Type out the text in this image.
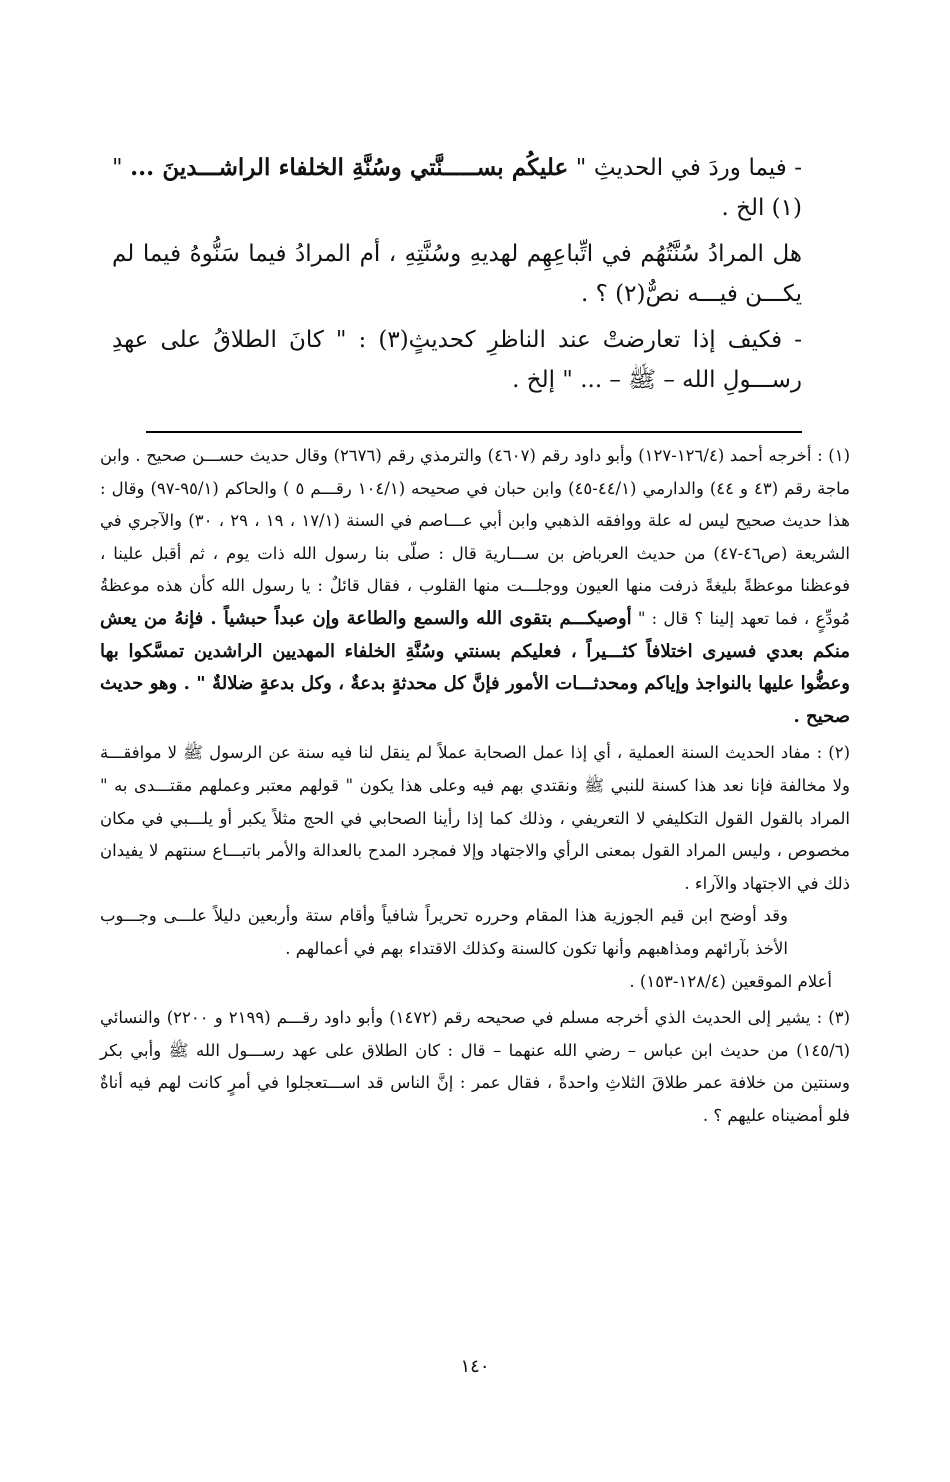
- فيما وردَ في الحديثِ " عليكُم بســـــنَّتي وسُنَّةِ الخلفاء الراشـــدينَ ... "(١) الخ .

هل المرادُ سُنَّتُهُم في اتِّباعِهِم لهديهِ وسُنَّتِهِ ، أم المرادُ فيما سَنُّوهُ فيما لم يكـــن فيـــه نصٌّ(٢) ؟ .

- فكيف إذا تعارضتْ عند الناظرِ كحديثٍ(٣) : " كانَ الطلاقُ على عهدِ رســـولِ الله – ﷺ – ... " إلخ .

(١) : أخرجه أحمد (١٢٦/٤-١٢٧) وأبو داود رقم (٤٦٠٧) والترمذي رقم (٢٦٧٦) وقال حديث حســـن صحيح . وابن ماجة رقم (٤٣ و ٤٤) والدارمي (٤٤/١-٤٥) وابن حبان في صحيحه (١٠٤/١ رقـــم ٥ ) والحاكم (٩٥/١-٩٧) وقال : هذا حديث صحيح ليس له علة ووافقه الذهبي وابن أبي عـــاصم في السنة (١٧/١ ، ١٩ ، ٢٩ ، ٣٠) والآجري في الشريعة (ص٤٦-٤٧) من حديث العرباض بن ســـارية قال : صلّى بنا رسول الله ذات يوم ، ثم أقبل علينا ، فوعظنا موعظةً بليغةً ذرفت منها العيون ووجلـــت منها القلوب ، فقال قائلٌ : يا رسول الله كأن هذه موعظةُ مُودِّعٍ ، فما تعهد إلينا ؟ قال : " أوصيكـــم بتقوى الله والسمع والطاعة وإن عبداً حبشياً . فإنهُ من يعش منكم بعدي فسيرى اختلافاً كثـــيراً ، فعليكم بسنتي وسُنَّةِ الخلفاء المهديين الراشدين تمسَّكوا بها وعضُّوا عليها بالنواجذ وإياكم ومحدثـــات الأمور فإنَّ كل محدثةٍ بدعةٌ ، وكل بدعةٍ ضلالةٌ " . وهو حديث صحيح .
(٢) : مفاد الحديث السنة العملية ، أي إذا عمل الصحابة عملاً لم ينقل لنا فيه سنة عن الرسول ﷺ لا موافقـــة ولا مخالفة فإنا نعد هذا كسنة للنبي ﷺ ونقتدي بهم فيه وعلى هذا يكون " قولهم معتبر وعملهم مقتـــدى به " المراد بالقول القول التكليفي لا التعريفي ، وذلك كما إذا رأينا الصحابي في الحج مثلاً يكبر أو يلـــبي في مكان مخصوص ، وليس المراد القول بمعنى الرأي والاجتهاد وإلا فمجرد المدح بالعدالة والأمر باتبـــاع سنتهم لا يفيدان ذلك في الاجتهاد والآراء .

وقد أوضح ابن قيم الجوزية هذا المقام وحرره تحريراً شافياً وأقام ستة وأربعين دليلاً علـــى وجـــوب الأخذ بآرائهم ومذاهبهم وأنها تكون كالسنة وكذلك الاقتداء بهم في أعمالهم .

أعلام الموقعين (١٢٨/٤-١٥٣) .

(٣) : يشير إلى الحديث الذي أخرجه مسلم في صحيحه رقم (١٤٧٢) وأبو داود رقـــم (٢١٩٩ و ٢٢٠٠) والنسائي (١٤٥/٦) من حديث ابن عباس – رضي الله عنهما – قال : كان الطلاق على عهد رســـول الله ﷺ وأبي بكر وسنتين من خلافة عمر طلاقَ الثلاثِ واحدةً ، فقال عمر : إنَّ الناس قد اســـتعجلوا في أمرٍ كانت لهم فيه أناةٌ فلو أمضيناه عليهم ؟ .
١٤٠
